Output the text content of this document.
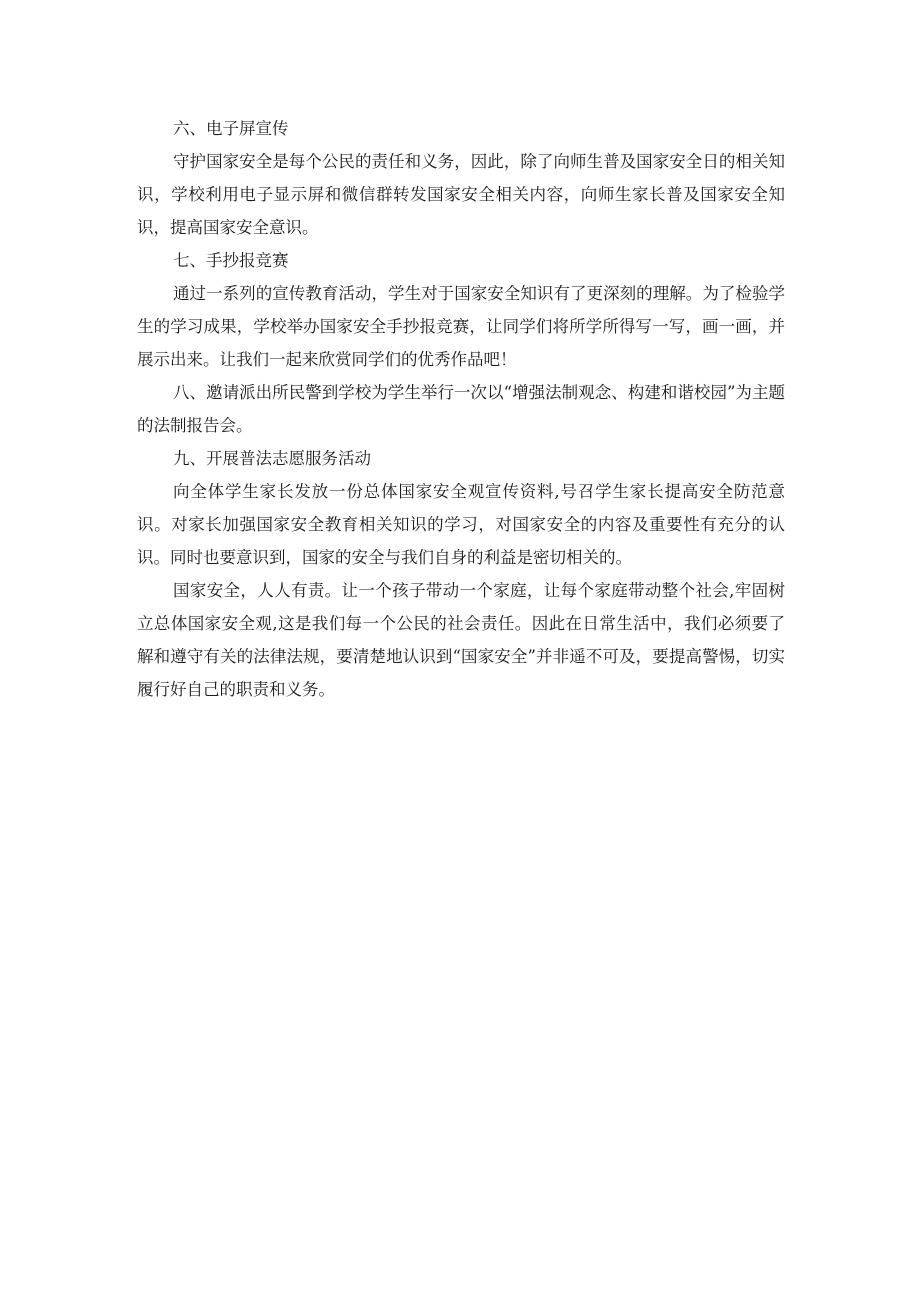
六、电子屏宣传

守护国家安全是每个公民的责任和义务，因此，除了向师生普及国家安全日的相关知识，学校利用电子显示屏和微信群转发国家安全相关内容，向师生家长普及国家安全知识，提高国家安全意识。

七、手抄报竞赛

通过一系列的宣传教育活动，学生对于国家安全知识有了更深刻的理解。为了检验学生的学习成果，学校举办国家安全手抄报竞赛，让同学们将所学所得写一写，画一画，并展示出来。让我们一起来欣赏同学们的优秀作品吧！

八、邀请派出所民警到学校为学生举行一次以“增强法制观念、构建和谐校园”为主题的法制报告会。

九、开展普法志愿服务活动

向全体学生家长发放一份总体国家安全观宣传资料,号召学生家长提高安全防范意识。对家长加强国家安全教育相关知识的学习，对国家安全的内容及重要性有充分的认识。同时也要意识到，国家的安全与我们自身的利益是密切相关的。

国家安全，人人有责。让一个孩子带动一个家庭，让每个家庭带动整个社会,牢固树立总体国家安全观,这是我们每一个公民的社会责任。因此在日常生活中，我们必须要了解和遵守有关的法律法规，要清楚地认识到“国家安全”并非遥不可及，要提高警惕，切实履行好自己的职责和义务。
